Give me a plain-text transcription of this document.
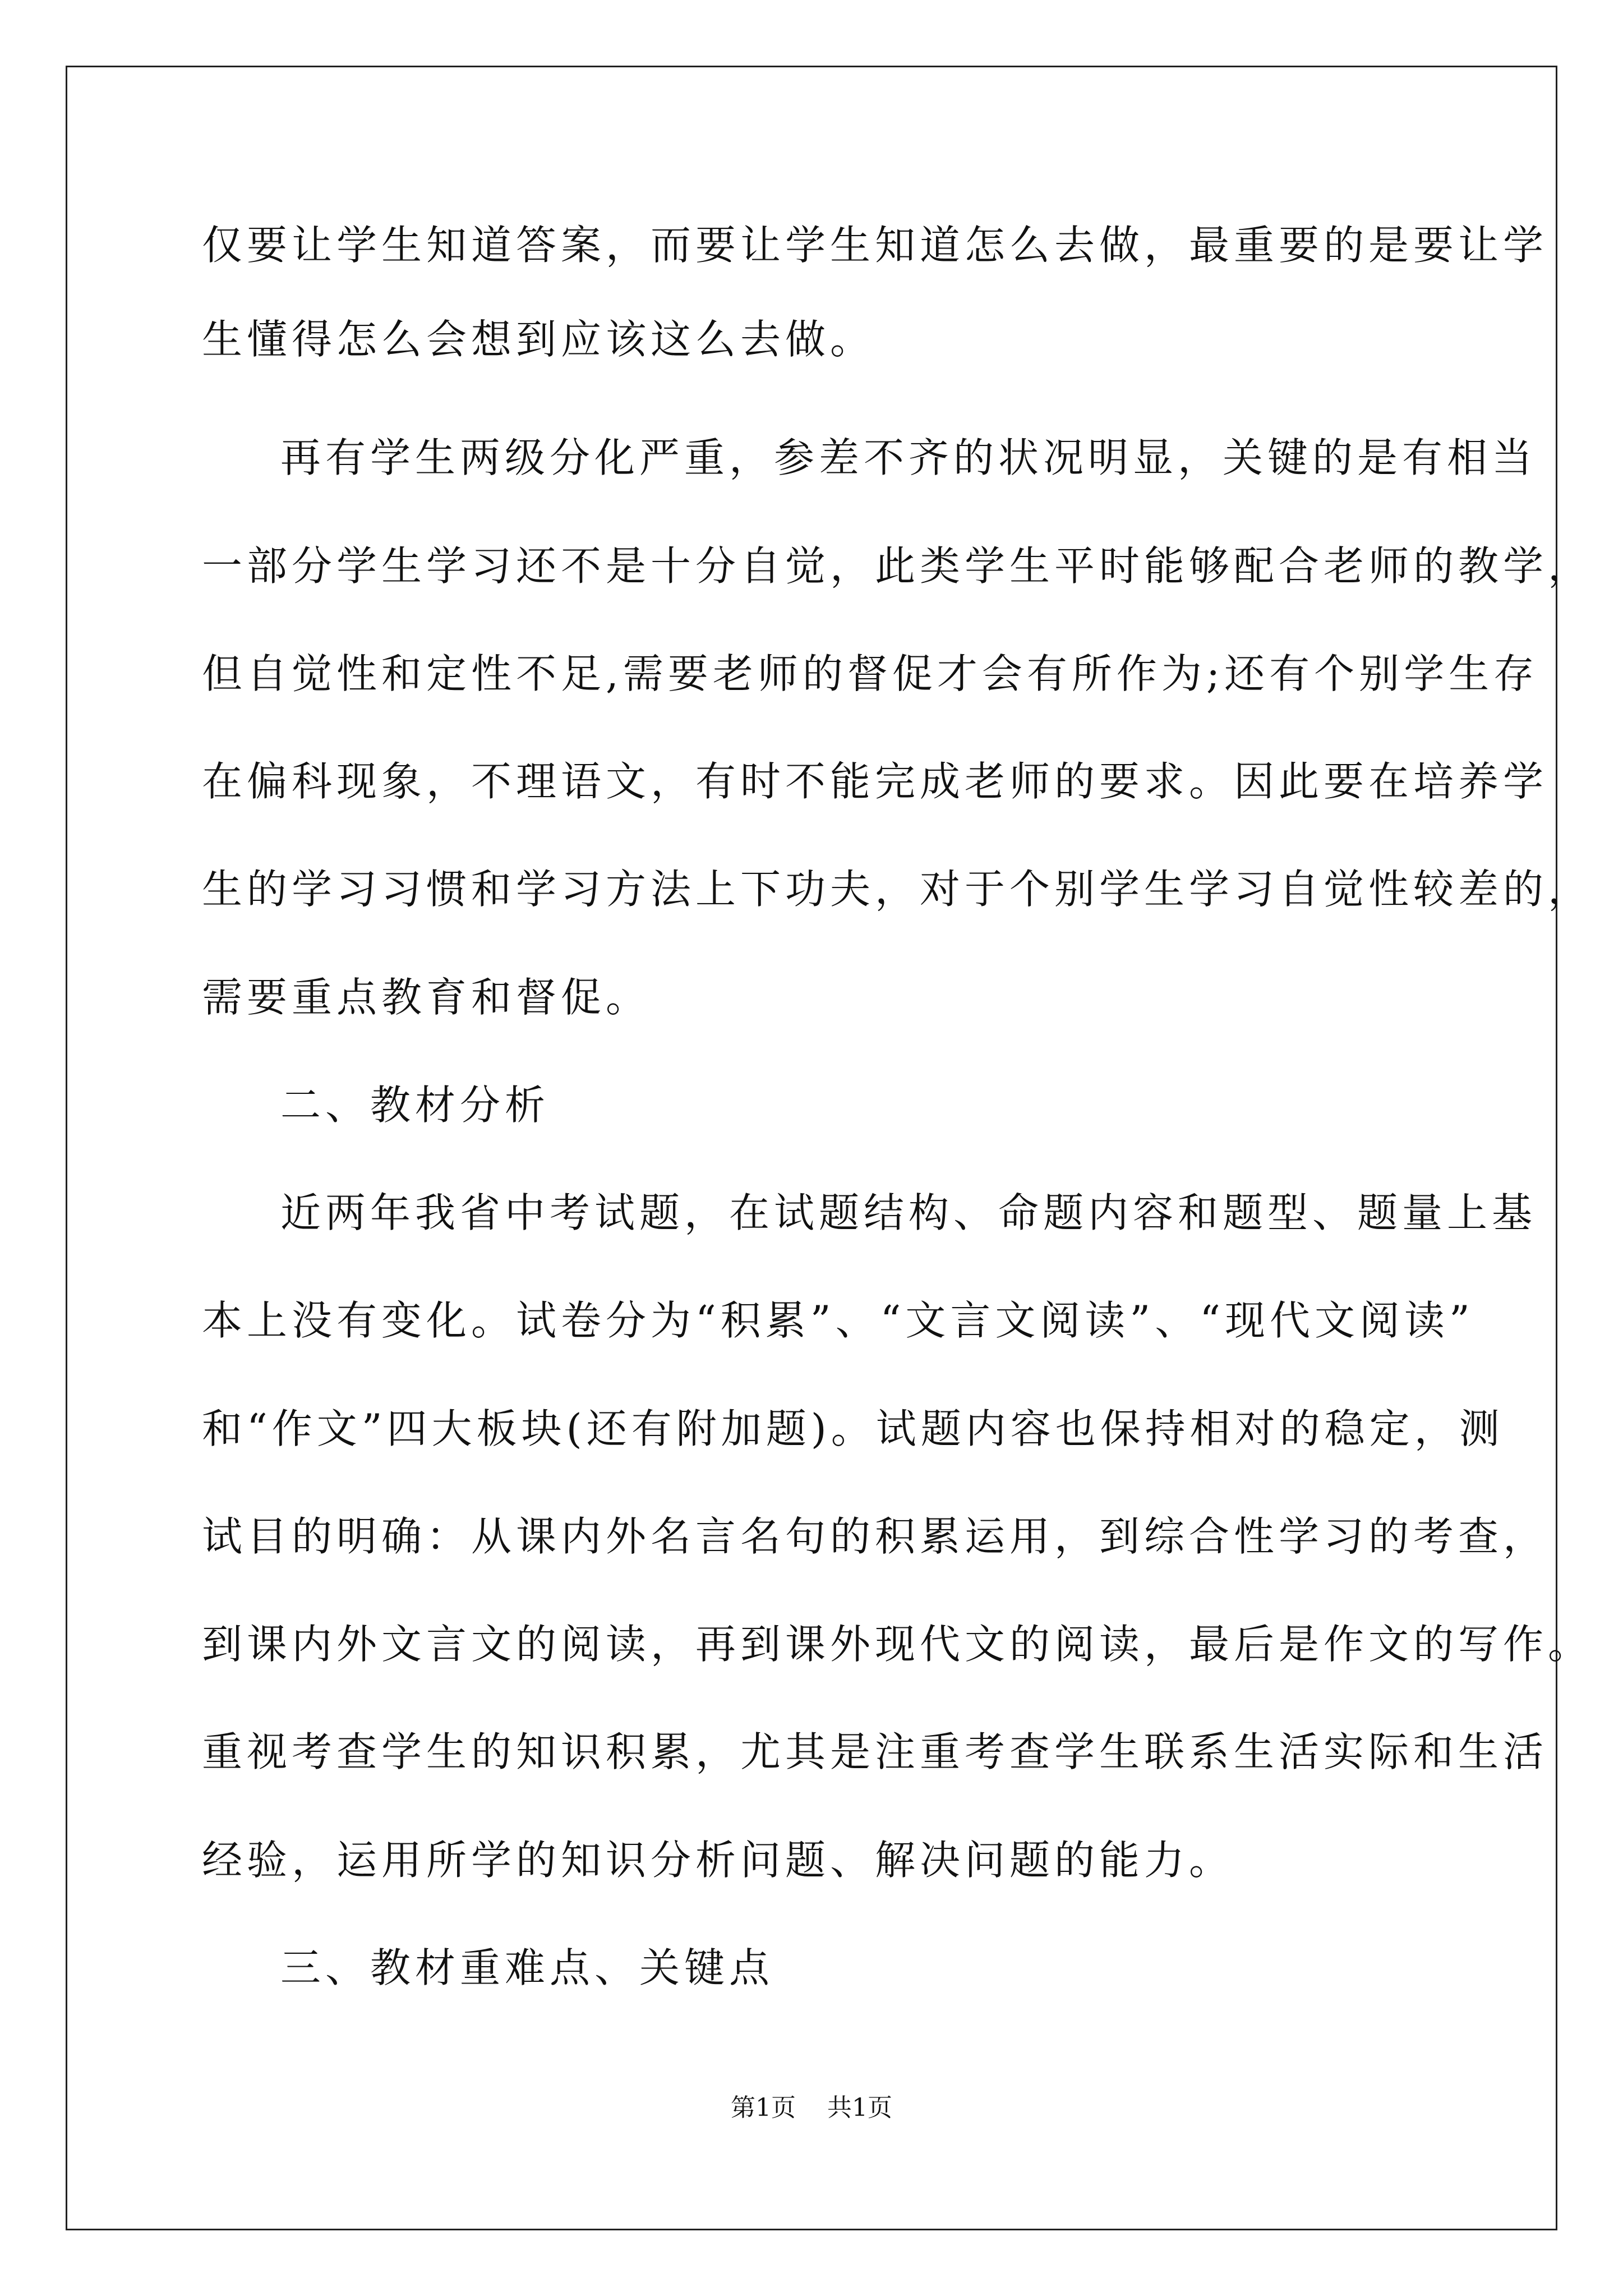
仅要让学生知道答案，而要让学生知道怎么去做，最重要的是要让学
生懂得怎么会想到应该这么去做。
再有学生两级分化严重，参差不齐的状况明显，关键的是有相当
一部分学生学习还不是十分自觉，此类学生平时能够配合老师的教学，
但自觉性和定性不足,需要老师的督促才会有所作为;还有个别学生存
在偏科现象，不理语文，有时不能完成老师的要求。因此要在培养学
生的学习习惯和学习方法上下功夫，对于个别学生学习自觉性较差的，
需要重点教育和督促。
二、教材分析
近两年我省中考试题，在试题结构、命题内容和题型、题量上基
本上没有变化。试卷分为“积累”、“文言文阅读”、“现代文阅读”
和“作文”四大板块(还有附加题)。试题内容也保持相对的稳定，测
试目的明确：从课内外名言名句的积累运用，到综合性学习的考查，
到课内外文言文的阅读，再到课外现代文的阅读，最后是作文的写作。
重视考查学生的知识积累，尤其是注重考查学生联系生活实际和生活
经验，运用所学的知识分析问题、解决问题的能力。
三、教材重难点、关键点
第1页 共1页
